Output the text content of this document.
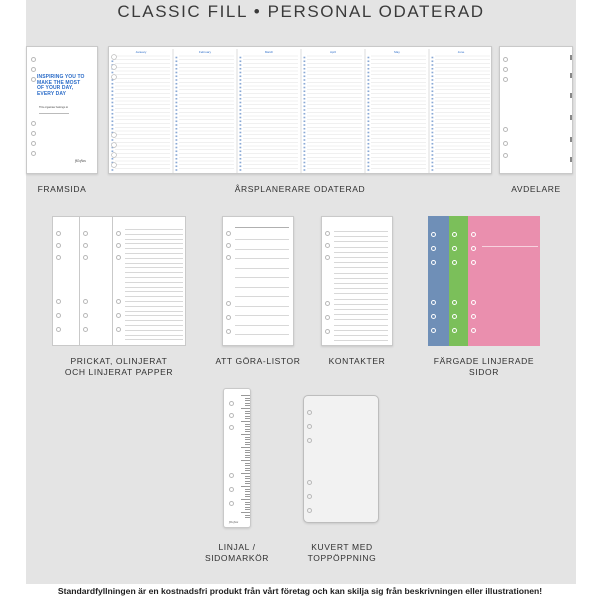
CLASSIC FILL • PERSONAL ODATERAD
INSPIRING YOU TO MAKE THE MOST OF YOUR DAY, EVERY DAY
This organiser belongs to
filofax
January	February	March	April	May	June
FRAMSIDA	ÅRSPLANERARE ODATERAD	AVDELARE
PRICKAT, OLINJERAT
OCH LINJERAT PAPPER
ATT GÖRA-LISTOR	KONTAKTER	FÄRGADE LINJERADE SIDOR
filofax
LINJAL /
SIDOMARKÖR
KUVERT MED
TOPPÖPPNING
Standardfyllningen är en kostnadsfri produkt från vårt företag och kan skilja sig från beskrivningen eller illustrationen!
